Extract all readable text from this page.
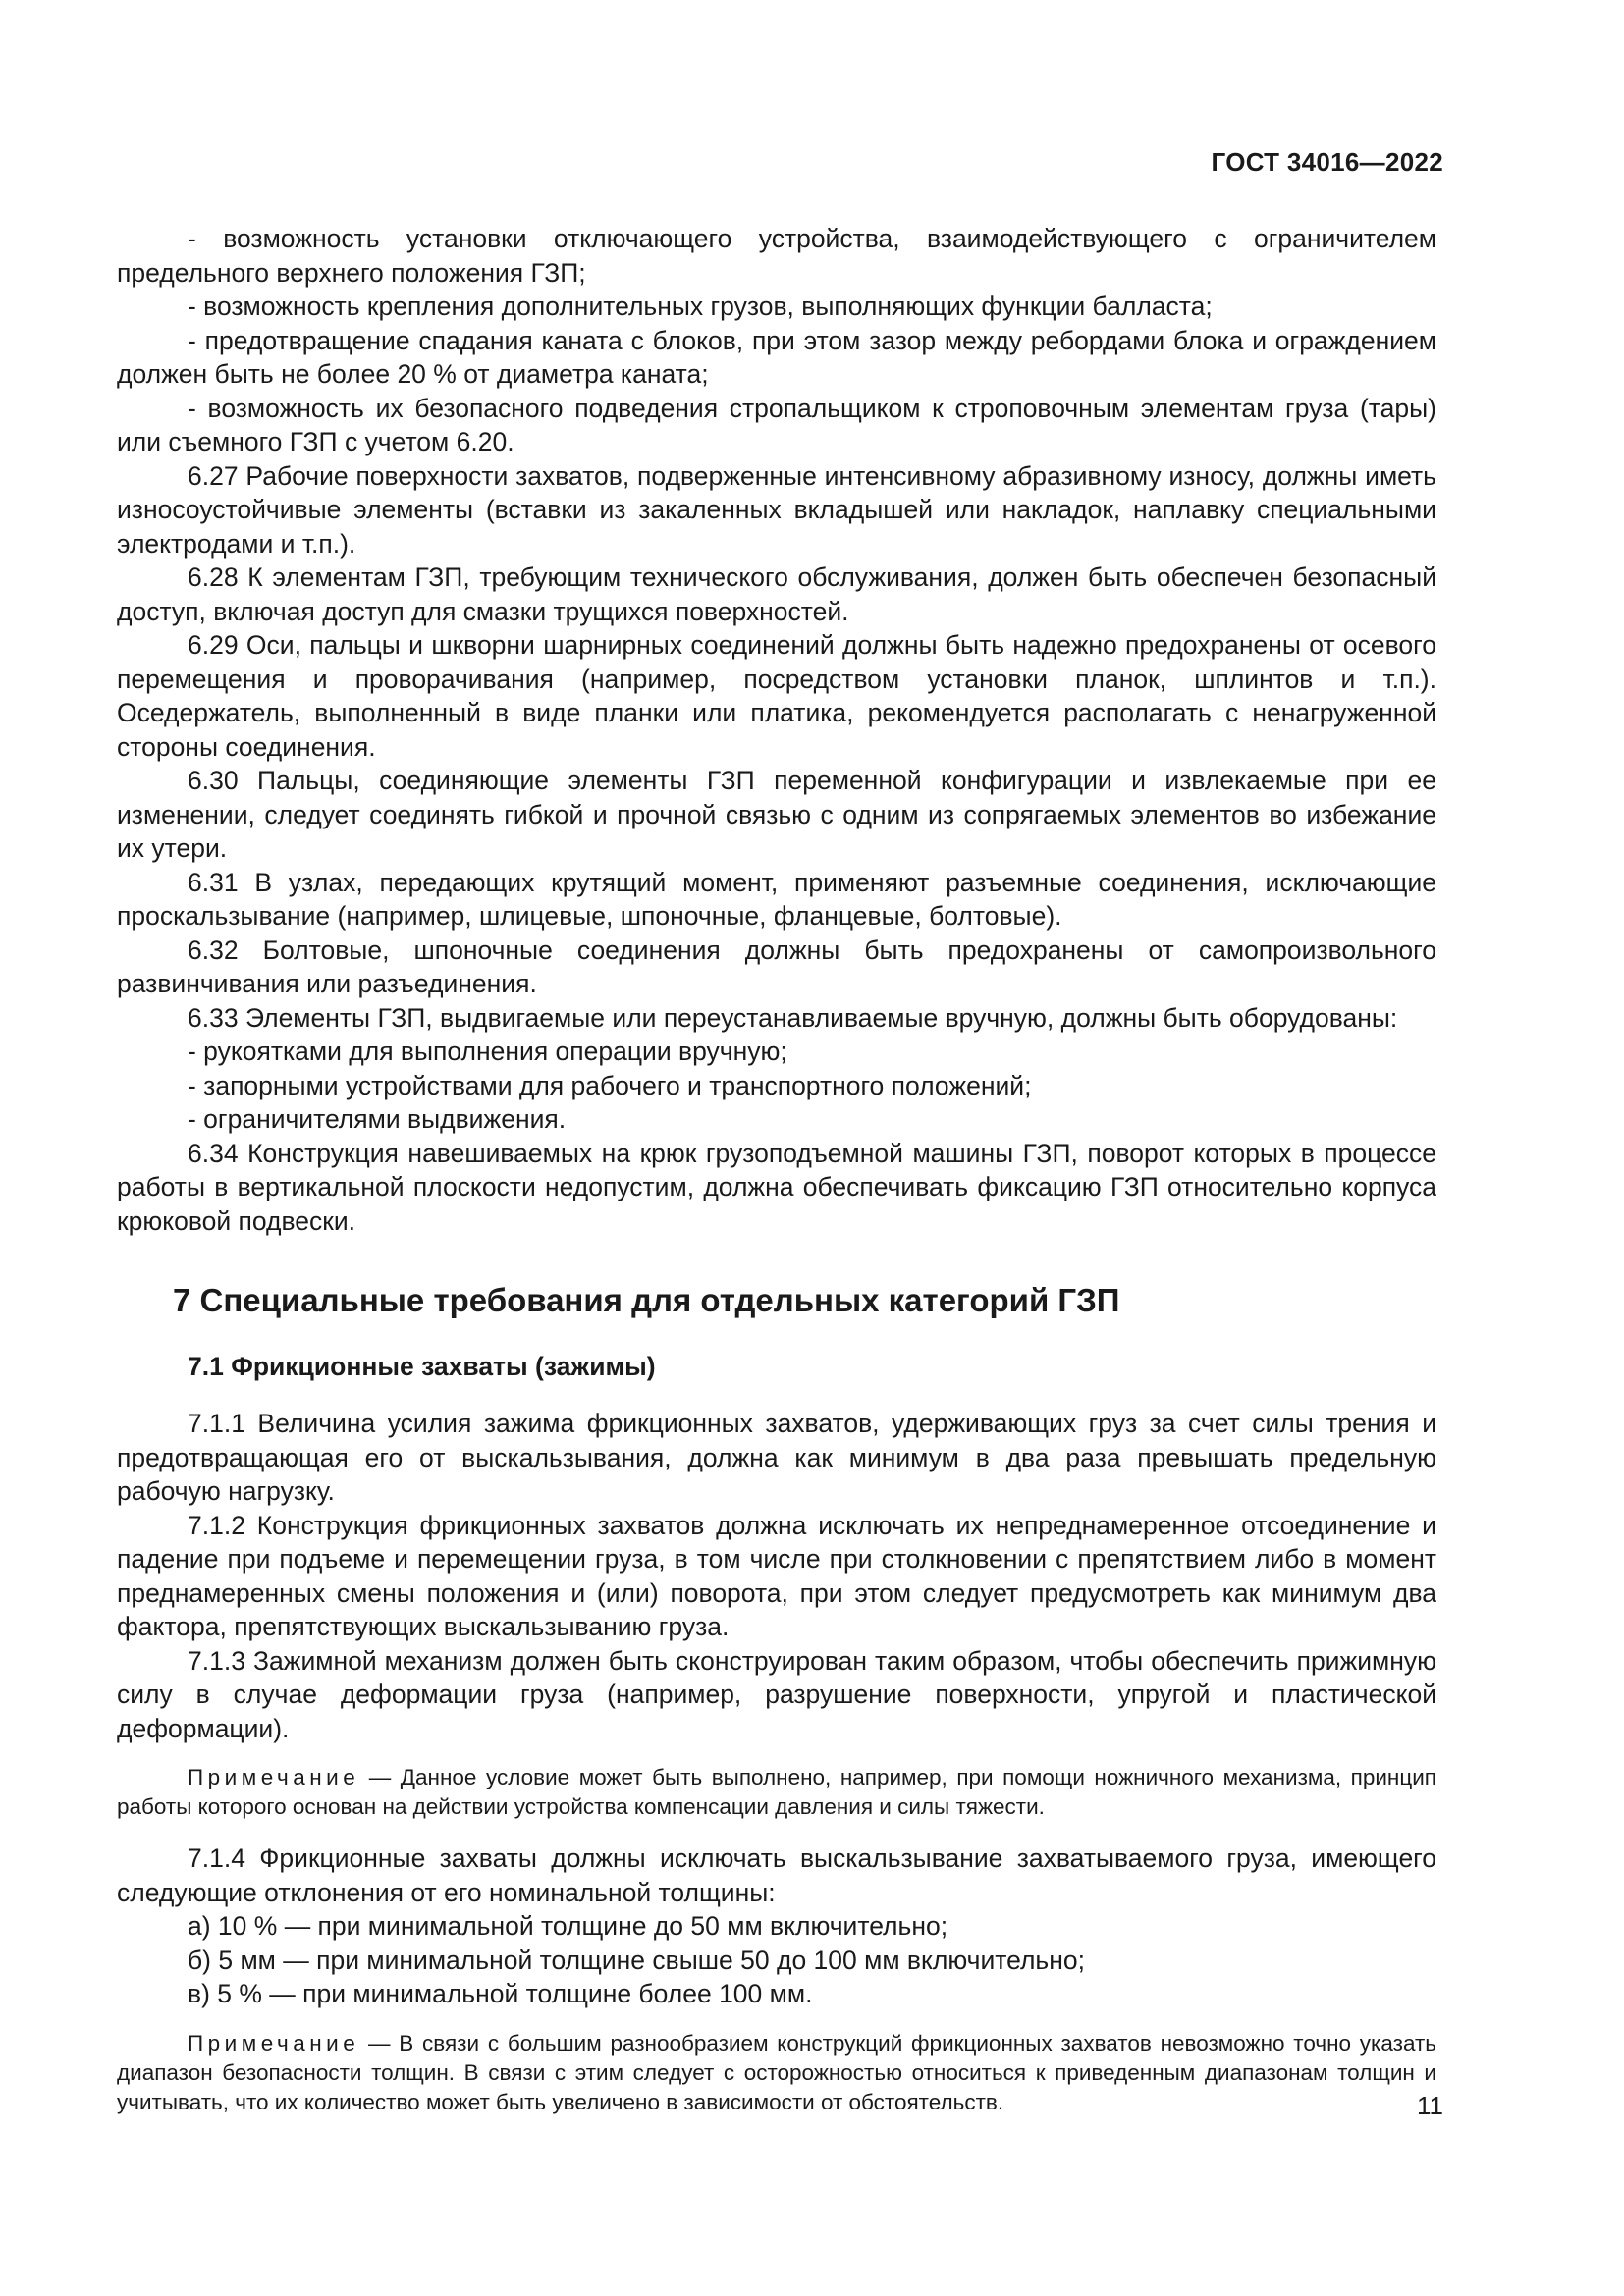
ГОСТ 34016—2022

- возможность установки отключающего устройства, взаимодействующего с ограничителем предельного верхнего положения ГЗП;

- возможность крепления дополнительных грузов, выполняющих функции балласта;

- предотвращение спадания каната с блоков, при этом зазор между ребордами блока и ограждением должен быть не более 20 % от диаметра каната;

- возможность их безопасного подведения стропальщиком к строповочным элементам груза (тары) или съемного ГЗП с учетом 6.20.

6.27 Рабочие поверхности захватов, подверженные интенсивному абразивному износу, должны иметь износоустойчивые элементы (вставки из закаленных вкладышей или накладок, наплавку специальными электродами и т.п.).

6.28 К элементам ГЗП, требующим технического обслуживания, должен быть обеспечен безопасный доступ, включая доступ для смазки трущихся поверхностей.

6.29 Оси, пальцы и шкворни шарнирных соединений должны быть надежно предохранены от осевого перемещения и проворачивания (например, посредством установки планок, шплинтов и т.п.). Оседержатель, выполненный в виде планки или платика, рекомендуется располагать с ненагруженной стороны соединения.

6.30 Пальцы, соединяющие элементы ГЗП переменной конфигурации и извлекаемые при ее изменении, следует соединять гибкой и прочной связью с одним из сопрягаемых элементов во избежание их утери.

6.31 В узлах, передающих крутящий момент, применяют разъемные соединения, исключающие проскальзывание (например, шлицевые, шпоночные, фланцевые, болтовые).

6.32 Болтовые, шпоночные соединения должны быть предохранены от самопроизвольного развинчивания или разъединения.

6.33 Элементы ГЗП, выдвигаемые или переустанавливаемые вручную, должны быть оборудованы:

- рукоятками для выполнения операции вручную;

- запорными устройствами для рабочего и транспортного положений;

- ограничителями выдвижения.

6.34 Конструкция навешиваемых на крюк грузоподъемной машины ГЗП, поворот которых в процессе работы в вертикальной плоскости недопустим, должна обеспечивать фиксацию ГЗП относительно корпуса крюковой подвески.

7 Специальные требования для отдельных категорий ГЗП
7.1 Фрикционные захваты (зажимы)

7.1.1 Величина усилия зажима фрикционных захватов, удерживающих груз за счет силы трения и предотвращающая его от выскальзывания, должна как минимум в два раза превышать предельную рабочую нагрузку.

7.1.2 Конструкция фрикционных захватов должна исключать их непреднамеренное отсоединение и падение при подъеме и перемещении груза, в том числе при столкновении с препятствием либо в момент преднамеренных смены положения и (или) поворота, при этом следует предусмотреть как минимум два фактора, препятствующих выскальзыванию груза.

7.1.3 Зажимной механизм должен быть сконструирован таким образом, чтобы обеспечить прижимную силу в случае деформации груза (например, разрушение поверхности, упругой и пластической деформации).

Примечание — Данное условие может быть выполнено, например, при помощи ножничного механизма, принцип работы которого основан на действии устройства компенсации давления и силы тяжести.

7.1.4 Фрикционные захваты должны исключать выскальзывание захватываемого груза, имеющего следующие отклонения от его номинальной толщины:

а) 10 % — при минимальной толщине до 50 мм включительно;

б) 5 мм — при минимальной толщине свыше 50 до 100 мм включительно;

в) 5 % — при минимальной толщине более 100 мм.

Примечание — В связи с большим разнообразием конструкций фрикционных захватов невозможно точно указать диапазон безопасности толщин. В связи с этим следует с осторожностью относиться к приведенным диапазонам толщин и учитывать, что их количество может быть увеличено в зависимости от обстоятельств.	11
